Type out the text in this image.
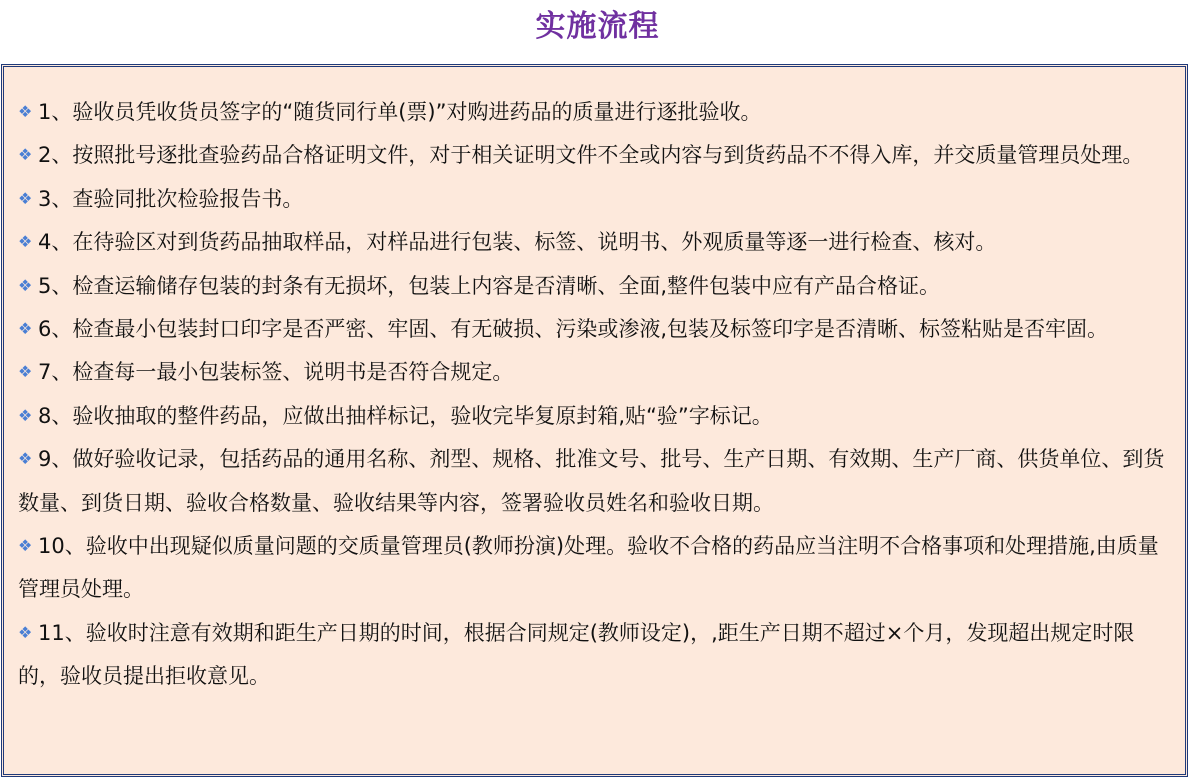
实施流程
❖ 1、验收员凭收货员签字的“随货同行单(票)”对购进药品的质量进行逐批验收。
❖ 2、按照批号逐批查验药品合格证明文件，对于相关证明文件不全或内容与到货药品不不得入库，并交质量管理员处理。
❖ 3、查验同批次检验报告书。
❖ 4、在待验区对到货药品抽取样品，对样品进行包装、标签、说明书、外观质量等逐一进行检查、核对。
❖ 5、检查运输储存包装的封条有无损坏，包装上内容是否清晰、全面,整件包装中应有产品合格证。
❖ 6、检查最小包装封口印字是否严密、牢固、有无破损、污染或渗液,包装及标签印字是否清晰、标签粘贴是否牢固。
❖ 7、检查每一最小包装标签、说明书是否符合规定。
❖ 8、验收抽取的整件药品，应做出抽样标记，验收完毕复原封箱,贴“验”字标记。
❖ 9、做好验收记录，包括药品的通用名称、剂型、规格、批准文号、批号、生产日期、有效期、生产厂商、供货单位、到货数量、到货日期、验收合格数量、验收结果等内容，签署验收员姓名和验收日期。
❖ 10、验收中出现疑似质量问题的交质量管理员(教师扮演)处理。验收不合格的药品应当注明不合格事项和处理措施,由质量管理员处理。
❖ 11、验收时注意有效期和距生产日期的时间，根据合同规定(教师设定)，,距生产日期不超过×个月，发现超出规定时限的，验收员提出拒收意见。
